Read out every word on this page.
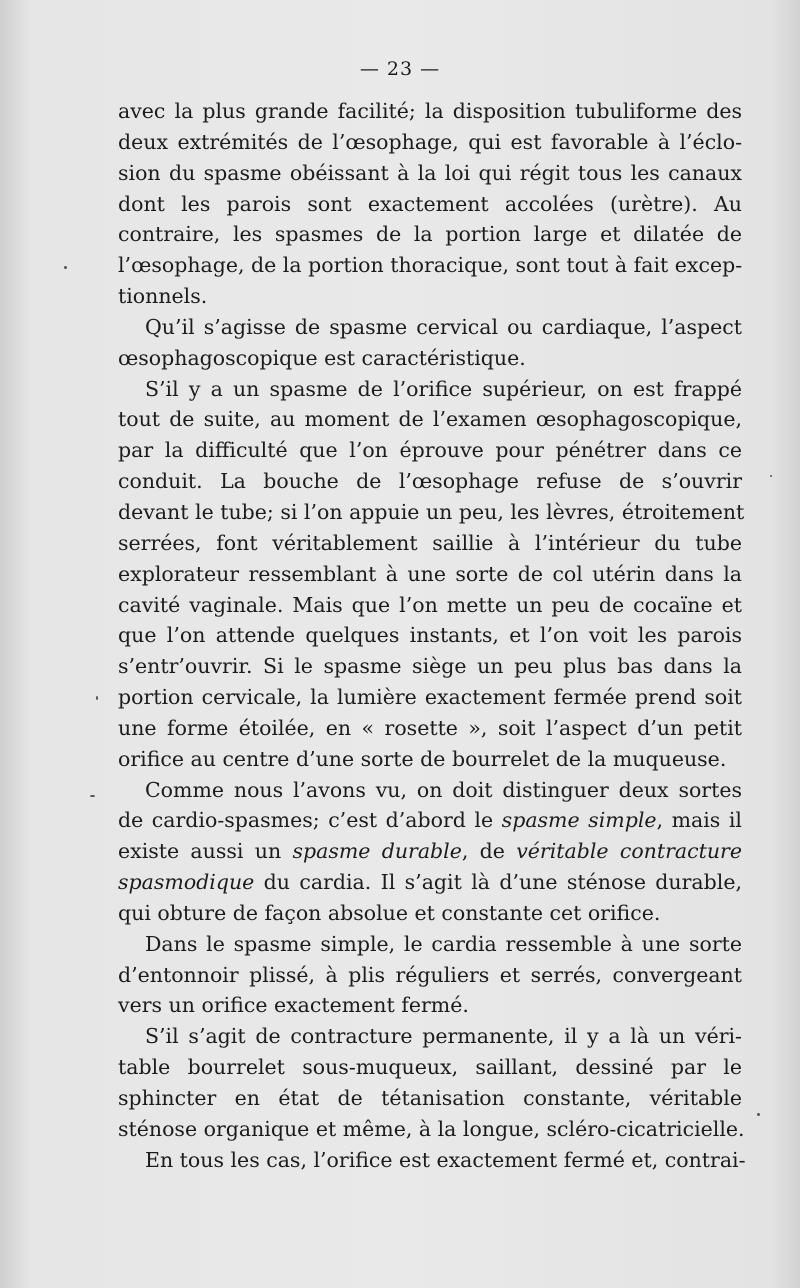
— 23 —
avec la plus grande facilité; la disposition tubuliforme des
deux extrémités de l’œsophage, qui est favorable à l’éclo-
sion du spasme obéissant à la loi qui régit tous les canaux
dont les parois sont exactement accolées (urètre). Au
contraire, les spasmes de la portion large et dilatée de
l’œsophage, de la portion thoracique, sont tout à fait excep-
tionnels.
Qu’il s’agisse de spasme cervical ou cardiaque, l’aspect
œsophagoscopique est caractéristique.
S’il y a un spasme de l’orifice supérieur, on est frappé
tout de suite, au moment de l’examen œsophagoscopique,
par la difficulté que l’on éprouve pour pénétrer dans ce
conduit. La bouche de l’œsophage refuse de s’ouvrir
devant le tube; si l’on appuie un peu, les lèvres, étroitement
serrées, font véritablement saillie à l’intérieur du tube
explorateur ressemblant à une sorte de col utérin dans la
cavité vaginale. Mais que l’on mette un peu de cocaïne et
que l’on attende quelques instants, et l’on voit les parois
s’entr’ouvrir. Si le spasme siège un peu plus bas dans la
portion cervicale, la lumière exactement fermée prend soit
une forme étoilée, en « rosette », soit l’aspect d’un petit
orifice au centre d’une sorte de bourrelet de la muqueuse.
Comme nous l’avons vu, on doit distinguer deux sortes
de cardio-spasmes; c’est d’abord le spasme simple, mais il
existe aussi un spasme durable, de véritable contracture
spasmodique du cardia. Il s’agit là d’une sténose durable,
qui obture de façon absolue et constante cet orifice.
Dans le spasme simple, le cardia ressemble à une sorte
d’entonnoir plissé, à plis réguliers et serrés, convergeant
vers un orifice exactement fermé.
S’il s’agit de contracture permanente, il y a là un véri-
table bourrelet sous-muqueux, saillant, dessiné par le
sphincter en état de tétanisation constante, véritable
sténose organique et même, à la longue, scléro-cicatricielle.
En tous les cas, l’orifice est exactement fermé et, contrai-
